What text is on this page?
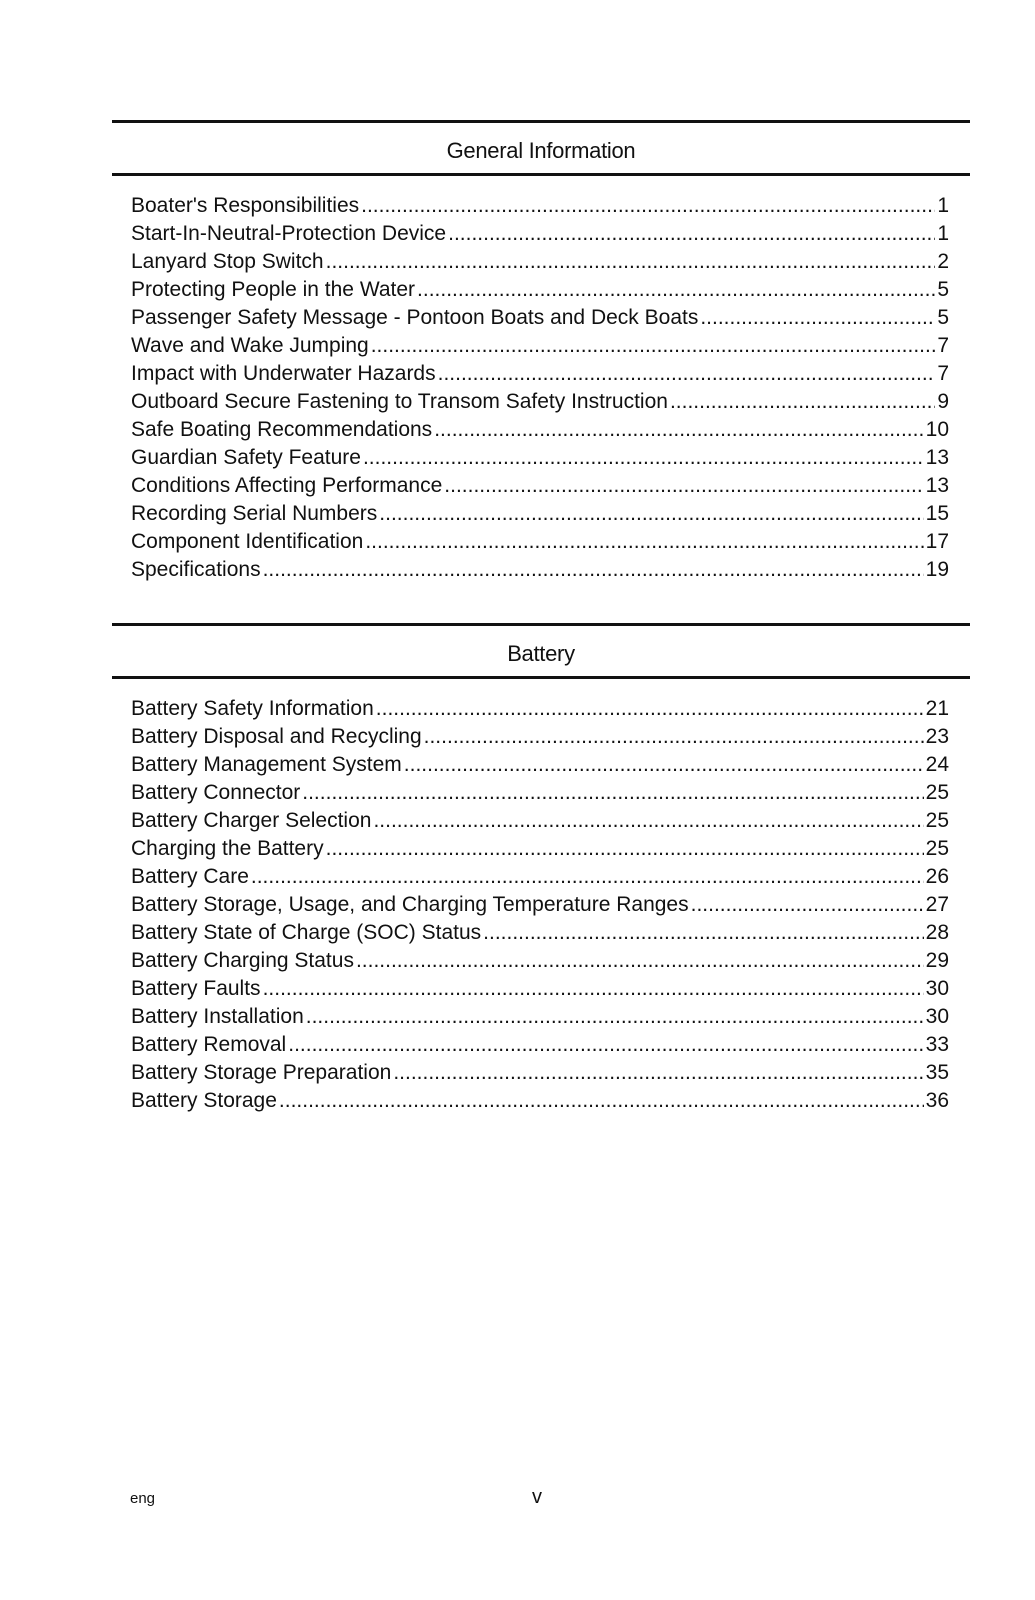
General Information
Boater's Responsibilities .....	1
Start-In-Neutral-Protection Device .....	1
Lanyard Stop Switch .....	2
Protecting People in the Water .....	5
Passenger Safety Message - Pontoon Boats and Deck Boats .....	5
Wave and Wake Jumping .....	7
Impact with Underwater Hazards .....	7
Outboard Secure Fastening to Transom Safety Instruction .....	9
Safe Boating Recommendations .....	10
Guardian Safety Feature .....	13
Conditions Affecting Performance .....	13
Recording Serial Numbers .....	15
Component Identification .....	17
Specifications .....	19
Battery
Battery Safety Information .....	21
Battery Disposal and Recycling .....	23
Battery Management System .....	24
Battery Connector .....	25
Battery Charger Selection .....	25
Charging the Battery .....	25
Battery Care .....	26
Battery Storage, Usage, and Charging Temperature Ranges .....	27
Battery State of Charge (SOC) Status .....	28
Battery Charging Status .....	29
Battery Faults .....	30
Battery Installation .....	30
Battery Removal .....	33
Battery Storage Preparation .....	35
Battery Storage .....	36
eng	v
